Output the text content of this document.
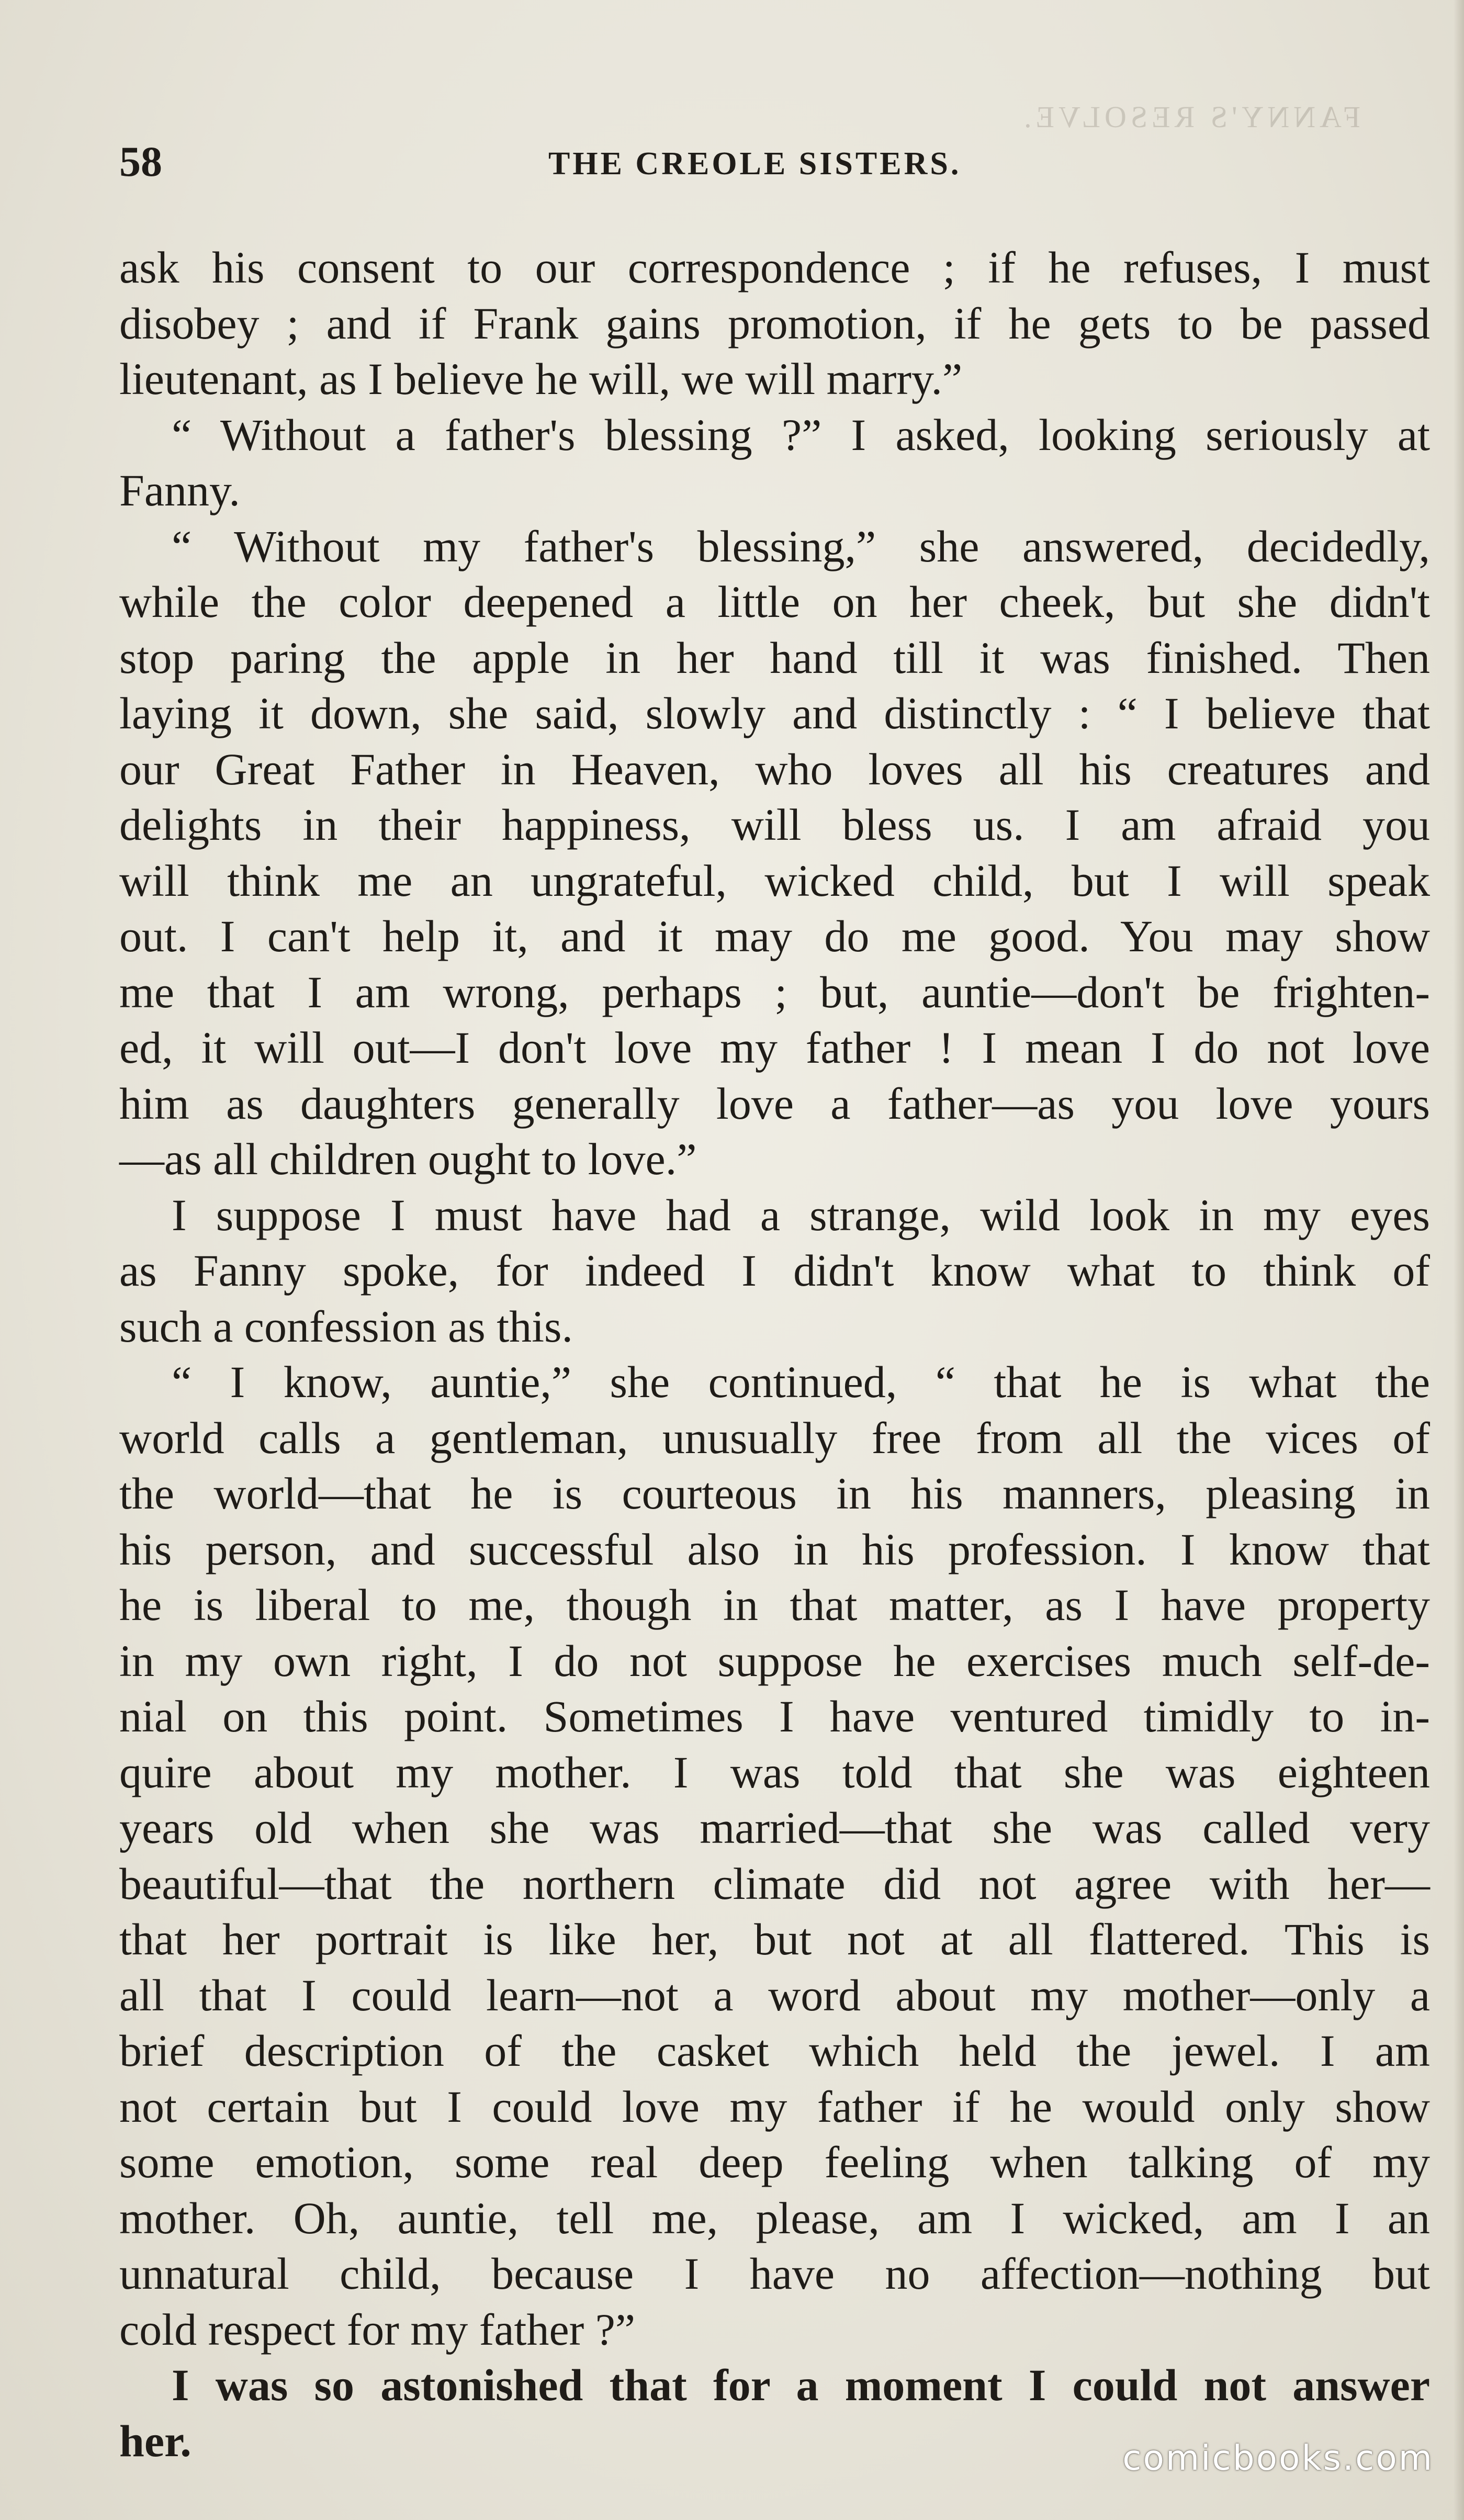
FANNY'S RESOLVE.
58	THE CREOLE SISTERS.
ask his consent to our correspondence ; if he refuses, I must
disobey ; and if Frank gains promotion, if he gets to be passed
lieutenant, as I believe he will, we will marry.”
“ Without a father's blessing ?” I asked, looking seriously at
Fanny.
“ Without my father's blessing,” she answered, decidedly,
while the color deepened a little on her cheek, but she didn't
stop paring the apple in her hand till it was finished. Then
laying it down, she said, slowly and distinctly : “ I believe that
our Great Father in Heaven, who loves all his creatures and
delights in their happiness, will bless us. I am afraid you
will think me an ungrateful, wicked child, but I will speak
out. I can't help it, and it may do me good. You may show
me that I am wrong, perhaps ; but, auntie—don't be frighten-
ed, it will out—I don't love my father ! I mean I do not love
him as daughters generally love a father—as you love yours
—as all children ought to love.”
I suppose I must have had a strange, wild look in my eyes
as Fanny spoke, for indeed I didn't know what to think of
such a confession as this.
“ I know, auntie,” she continued, “ that he is what the
world calls a gentleman, unusually free from all the vices of
the world—that he is courteous in his manners, pleasing in
his person, and successful also in his profession. I know that
he is liberal to me, though in that matter, as I have property
in my own right, I do not suppose he exercises much self-de-
nial on this point. Sometimes I have ventured timidly to in-
quire about my mother. I was told that she was eighteen
years old when she was married—that she was called very
beautiful—that the northern climate did not agree with her—
that her portrait is like her, but not at all flattered. This is
all that I could learn—not a word about my mother—only a
brief description of the casket which held the jewel. I am
not certain but I could love my father if he would only show
some emotion, some real deep feeling when talking of my
mother. Oh, auntie, tell me, please, am I wicked, am I an
unnatural child, because I have no affection—nothing but
cold respect for my father ?”
I was so astonished that for a moment I could not answer
her.	comicbooks.com
